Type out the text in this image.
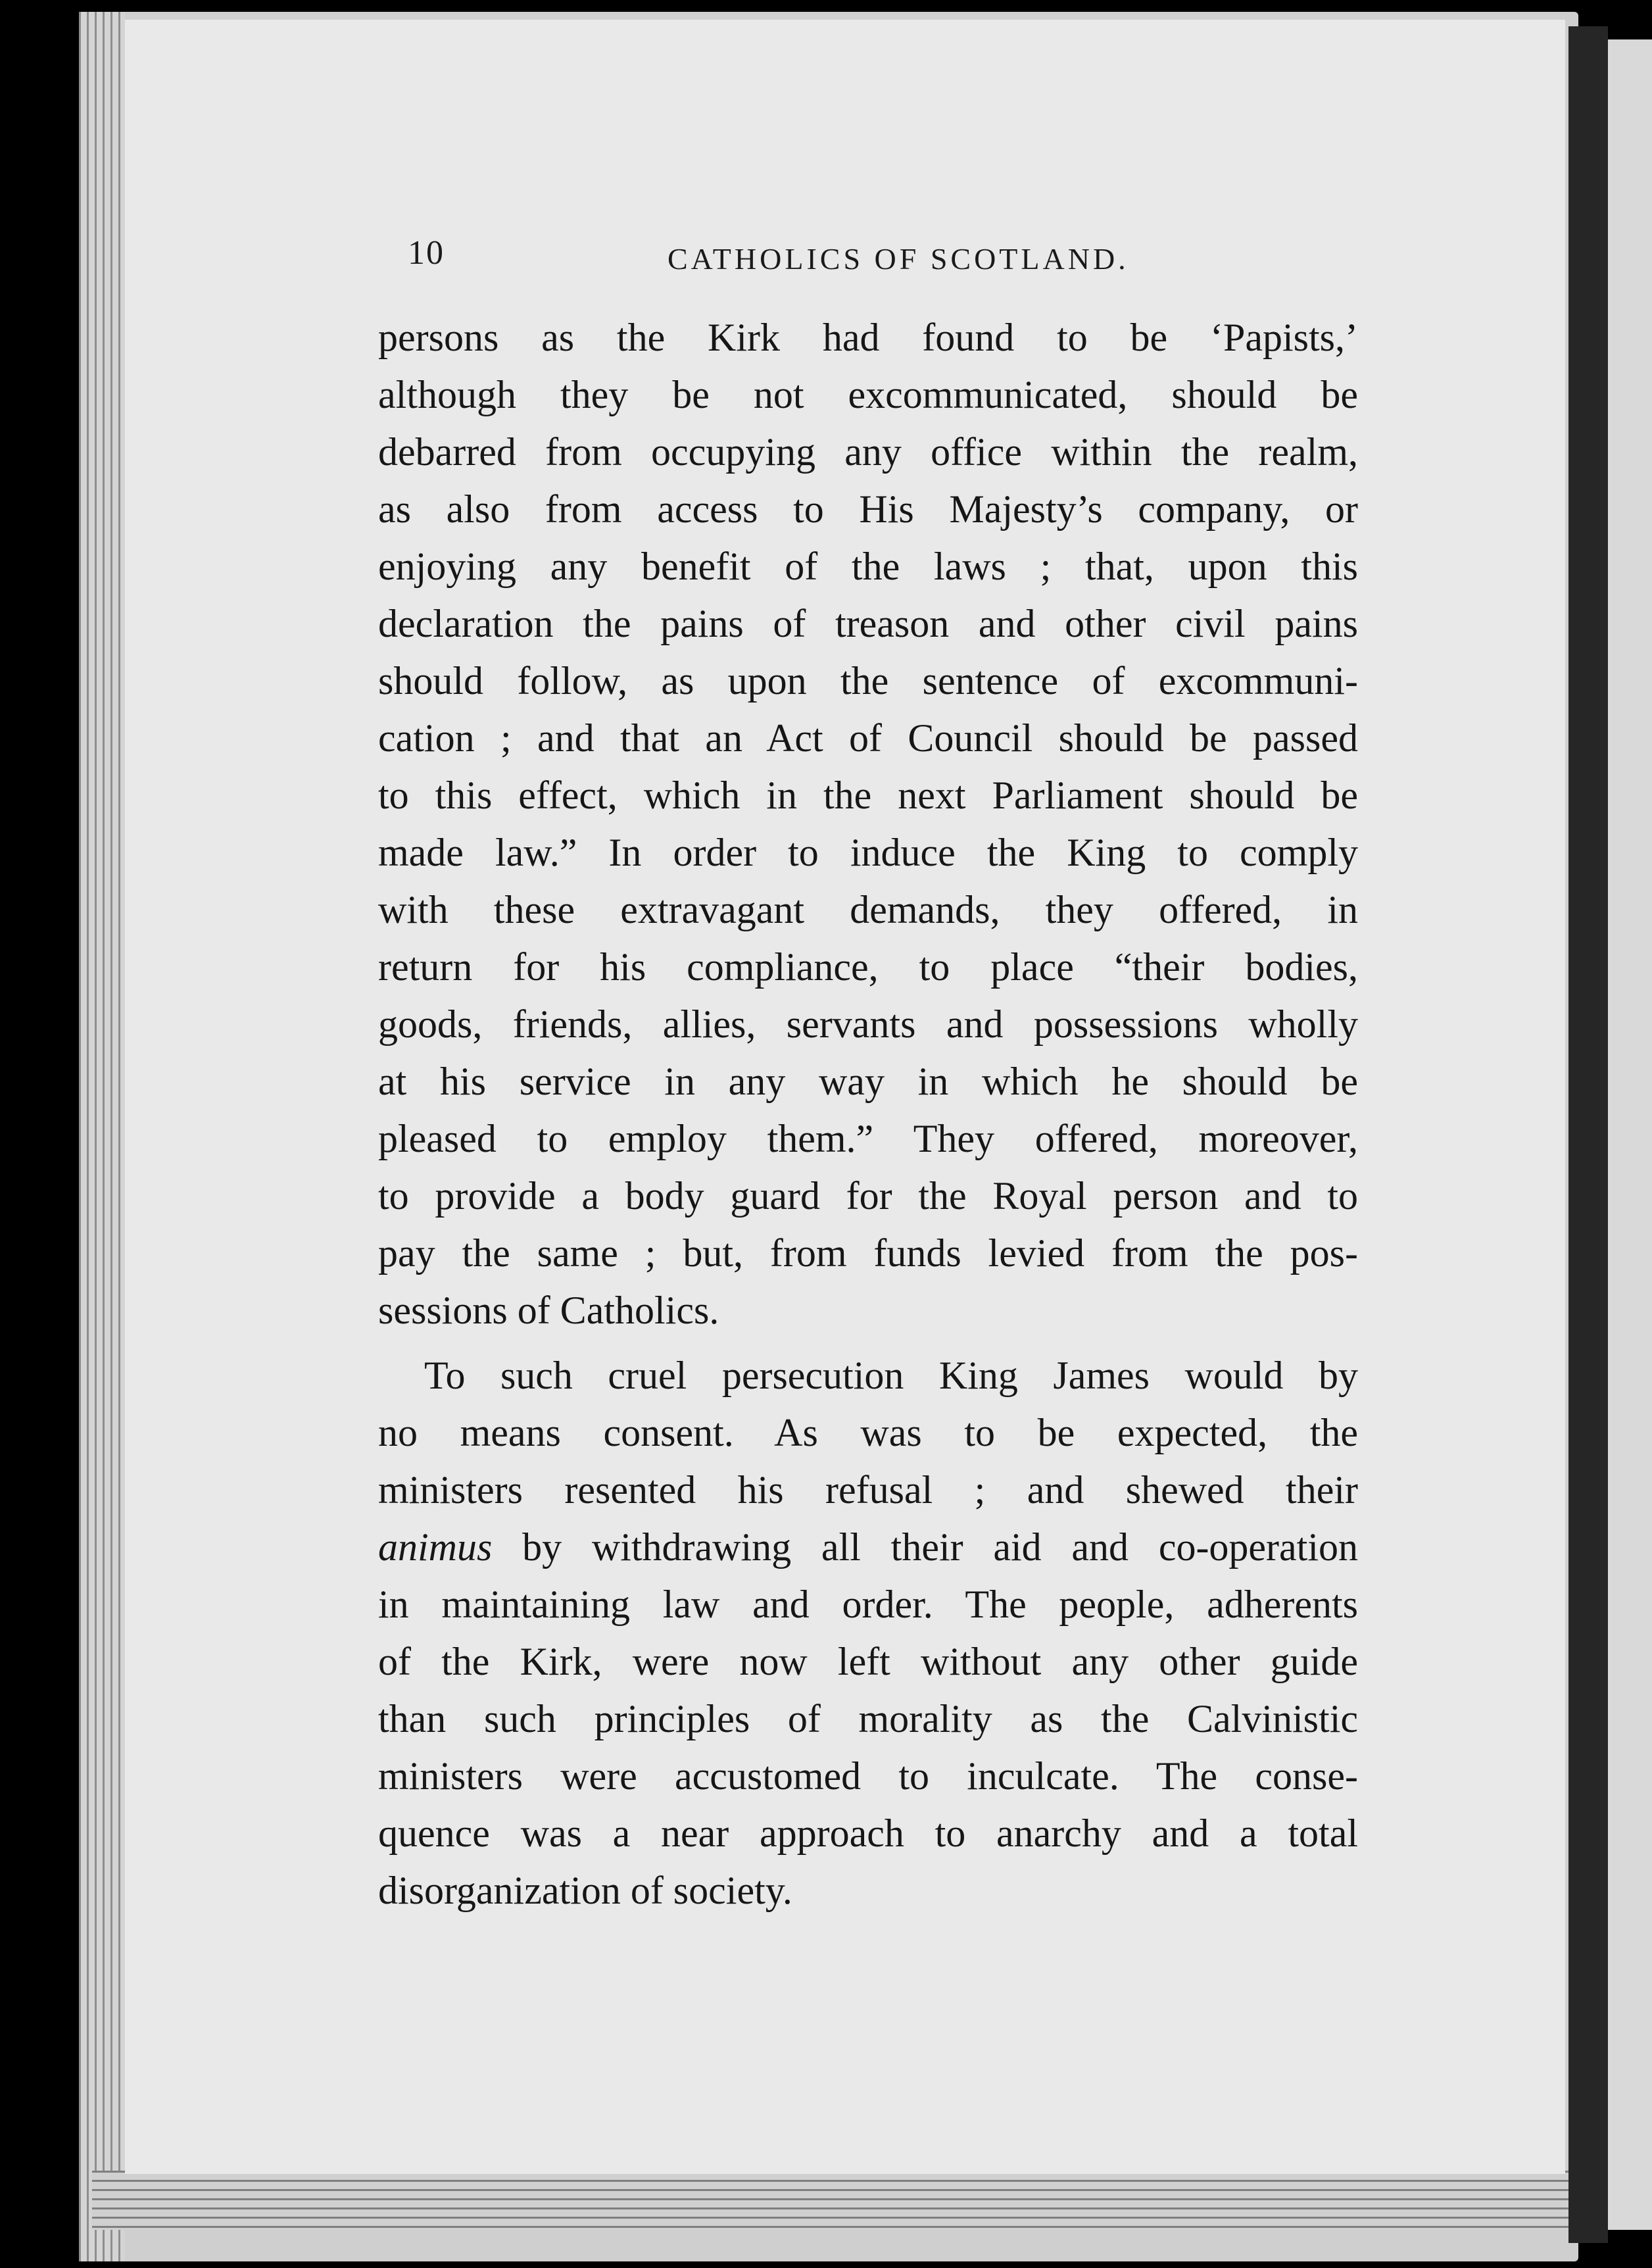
10	CATHOLICS OF SCOTLAND.
persons as the Kirk had found to be ‘Papists,’
although they be not excommunicated, should be
debarred from occupying any office within the realm,
as also from access to His Majesty’s company, or
enjoying any benefit of the laws ; that, upon this
declaration the pains of treason and other civil pains
should follow, as upon the sentence of excommuni-
cation ; and that an Act of Council should be passed
to this effect, which in the next Parliament should be
made law.” In order to induce the King to comply
with these extravagant demands, they offered, in
return for his compliance, to place “their bodies,
goods, friends, allies, servants and possessions wholly
at his service in any way in which he should be
pleased to employ them.” They offered, moreover,
to provide a body guard for the Royal person and to
pay the same ; but, from funds levied from the pos-
sessions of Catholics.
To such cruel persecution King James would by
no means consent. As was to be expected, the
ministers resented his refusal ; and shewed their
animus by withdrawing all their aid and co-operation
in maintaining law and order. The people, adherents
of the Kirk, were now left without any other guide
than such principles of morality as the Calvinistic
ministers were accustomed to inculcate. The conse-
quence was a near approach to anarchy and a total
disorganization of society.
